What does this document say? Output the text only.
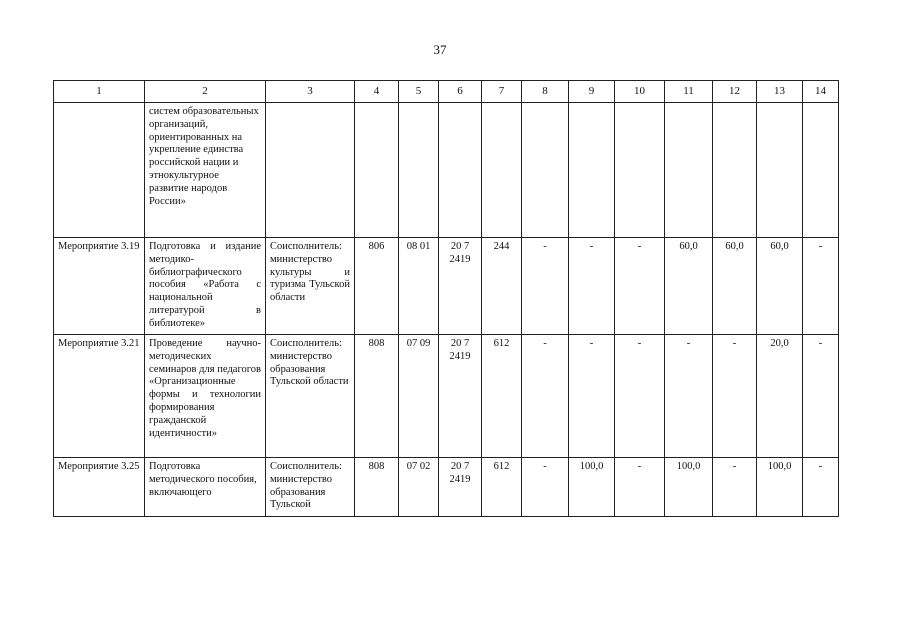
37
1	2	3	4	5	6	7	8	9	10	11	12	13	14
	систем образовательных организаций, ориентированных на укрепление единства российской нации и этнокультурное развитие народов России»												
Мероприятие 3.19	Подготовка и издание методико-библиографического пособия «Работа с национальной литературой в библиотеке»	Соисполнитель: министерство культуры и туризма Тульской области	806	08 01	20 7 2419	244	-	-	-	60,0	60,0	60,0	-
Мероприятие 3.21	Проведение научно-методических семинаров для педагогов «Организационные формы и технологии формирования гражданской идентичности»	Соисполнитель: министерство образования Тульской области	808	07 09	20 7 2419	612	-	-	-	-	-	20,0	-
Мероприятие 3.25	Подготовка методического пособия, включающего	Соисполнитель: министерство образования Тульской	808	07 02	20 7 2419	612	-	100,0	-	100,0	-	100,0	-
